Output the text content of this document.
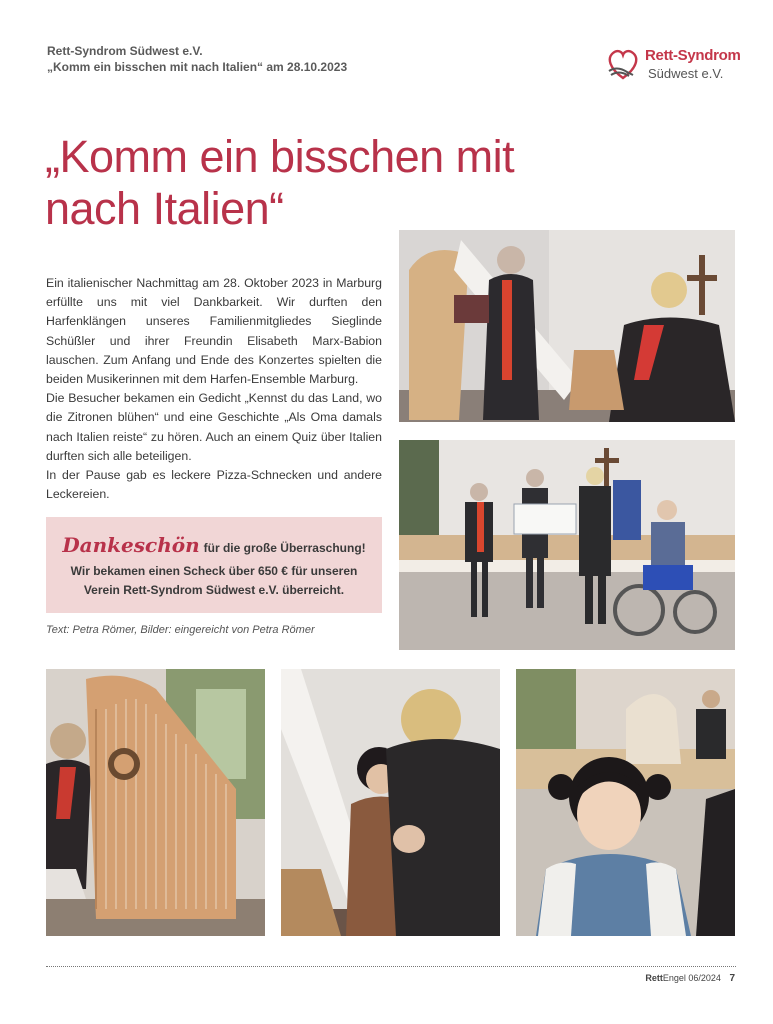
Rett-Syndrom Südwest e.V.
„Komm ein bisschen mit nach Italien“ am 28.10.2023
Rett-Syndrom
Südwest e.V.
„Komm ein bisschen mit nach Italien“

Ein italienischer Nachmittag am 28. Oktober 2023 in Marburg erfüllte uns mit viel Dankbarkeit. Wir durften den Harfenklängen unseres Familienmitgliedes Sieglinde Schüßler und ihrer Freundin Elisabeth Marx-Babion lauschen. Zum Anfang und Ende des Konzertes spielten die beiden Musikerinnen mit dem Harfen-Ensemble Marburg.

Die Besucher bekamen ein Gedicht „Kennst du das Land, wo die Zitronen blühen“ und eine Geschichte „Als Oma damals nach Italien reiste“ zu hören. Auch an einem Quiz über Italien durften sich alle beteiligen.

In der Pause gab es leckere Pizza-Schnecken und andere Leckereien.

Dankeschön für die große Überraschung!
Wir bekamen einen Scheck über 650 € für unseren
Verein Rett-Syndrom Südwest e.V. überreicht.
Text: Petra Römer, Bilder: eingereicht von Petra Römer
RettEngel 06/2024 7
